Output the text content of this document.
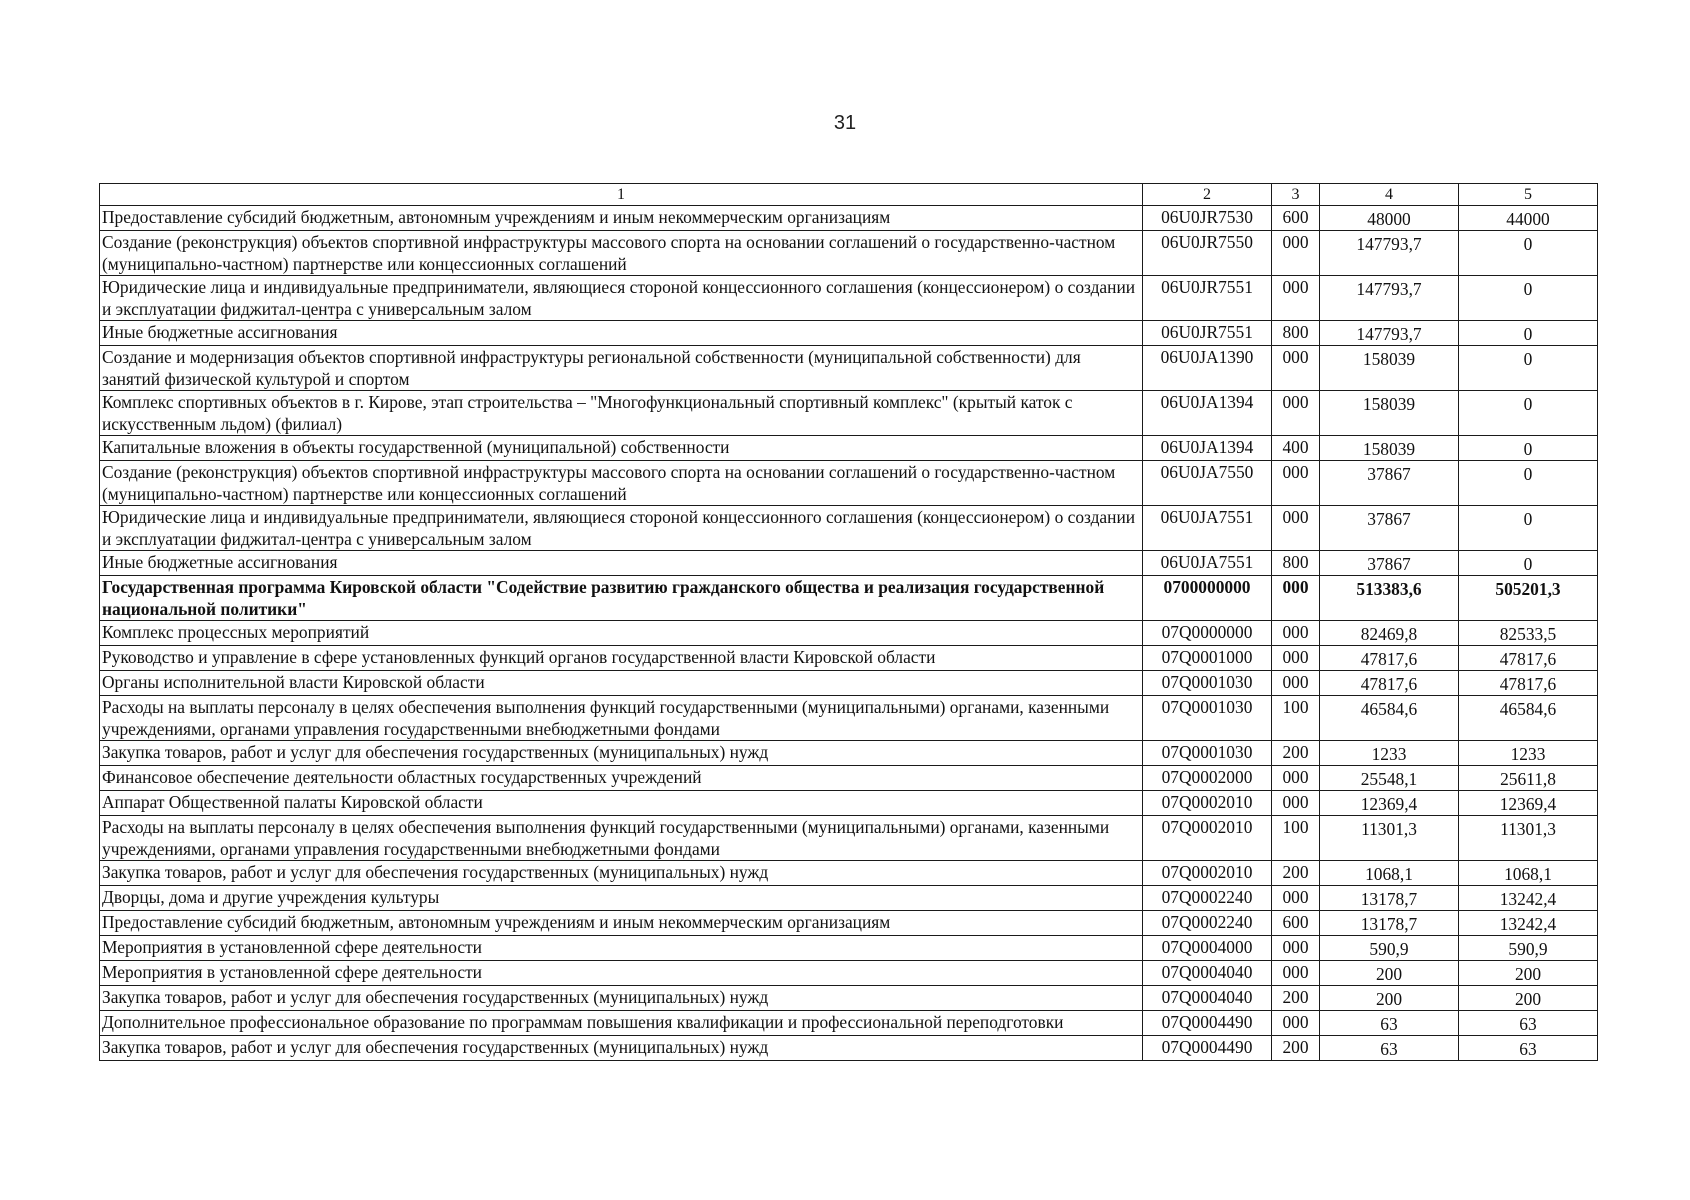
31
1	2	3	4	5
Предоставление субсидий бюджетным, автономным учреждениям и иным некоммерческим организациям	06U0JR7530	600	48000	44000
Создание (реконструкция) объектов спортивной инфраструктуры массового спорта на основании соглашений о государственно-частном (муниципально-частном) партнерстве или концессионных соглашений	06U0JR7550	000	147793,7	0
Юридические лица и индивидуальные предприниматели, являющиеся стороной концессионного соглашения (концессионером) о создании и эксплуатации фиджитал-центра с универсальным залом	06U0JR7551	000	147793,7	0
Иные бюджетные ассигнования	06U0JR7551	800	147793,7	0
Создание и модернизация объектов спортивной инфраструктуры региональной собственности (муниципальной собственности) для занятий физической культурой и спортом	06U0JA1390	000	158039	0
Комплекс спортивных объектов в г. Кирове, этап строительства – "Многофункциональный спортивный комплекс" (крытый каток с искусственным льдом) (филиал)	06U0JA1394	000	158039	0
Капитальные вложения в объекты государственной (муниципальной) собственности	06U0JA1394	400	158039	0
Создание (реконструкция) объектов спортивной инфраструктуры массового спорта на основании соглашений о государственно-частном (муниципально-частном) партнерстве или концессионных соглашений	06U0JA7550	000	37867	0
Юридические лица и индивидуальные предприниматели, являющиеся стороной концессионного соглашения (концессионером) о создании и эксплуатации фиджитал-центра с универсальным залом	06U0JA7551	000	37867	0
Иные бюджетные ассигнования	06U0JA7551	800	37867	0
Государственная программа Кировской области "Содействие развитию гражданского общества и реализация государственной национальной политики"	0700000000	000	513383,6	505201,3
Комплекс процессных мероприятий	07Q0000000	000	82469,8	82533,5
Руководство и управление в сфере установленных функций органов государственной власти Кировской области	07Q0001000	000	47817,6	47817,6
Органы исполнительной власти Кировской области	07Q0001030	000	47817,6	47817,6
Расходы на выплаты персоналу в целях обеспечения выполнения функций государственными (муниципальными) органами, казенными учреждениями, органами управления государственными внебюджетными фондами	07Q0001030	100	46584,6	46584,6
Закупка товаров, работ и услуг для обеспечения государственных (муниципальных) нужд	07Q0001030	200	1233	1233
Финансовое обеспечение деятельности областных государственных учреждений	07Q0002000	000	25548,1	25611,8
Аппарат Общественной палаты Кировской области	07Q0002010	000	12369,4	12369,4
Расходы на выплаты персоналу в целях обеспечения выполнения функций государственными (муниципальными) органами, казенными учреждениями, органами управления государственными внебюджетными фондами	07Q0002010	100	11301,3	11301,3
Закупка товаров, работ и услуг для обеспечения государственных (муниципальных) нужд	07Q0002010	200	1068,1	1068,1
Дворцы, дома и другие учреждения культуры	07Q0002240	000	13178,7	13242,4
Предоставление субсидий бюджетным, автономным учреждениям и иным некоммерческим организациям	07Q0002240	600	13178,7	13242,4
Мероприятия в установленной сфере деятельности	07Q0004000	000	590,9	590,9
Мероприятия в установленной сфере деятельности	07Q0004040	000	200	200
Закупка товаров, работ и услуг для обеспечения государственных (муниципальных) нужд	07Q0004040	200	200	200
Дополнительное профессиональное образование по программам повышения квалификации и профессиональной переподготовки	07Q0004490	000	63	63
Закупка товаров, работ и услуг для обеспечения государственных (муниципальных) нужд	07Q0004490	200	63	63
